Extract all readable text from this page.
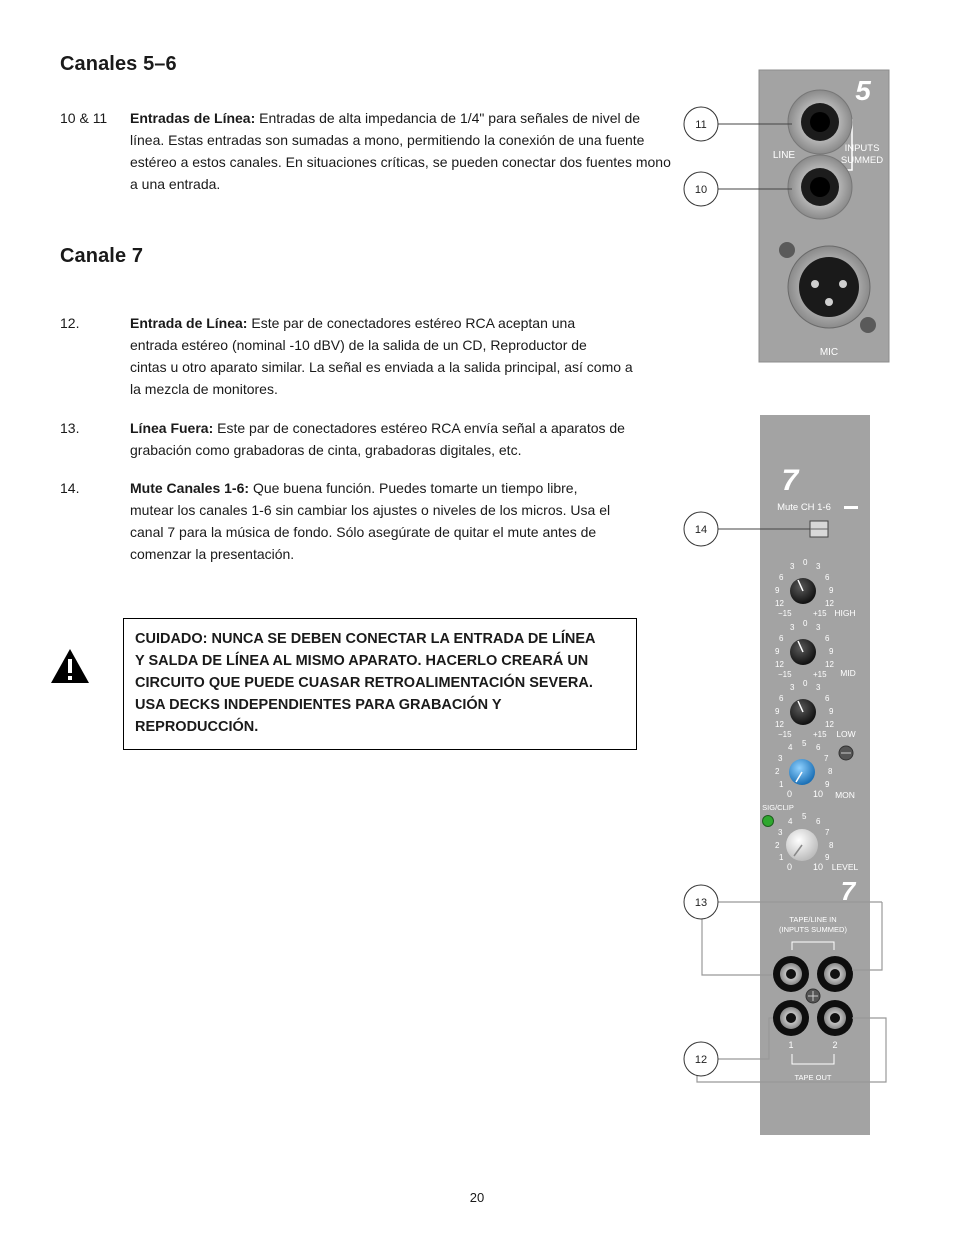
Canales 5–6
10 & 11 Entradas de Línea: Entradas de alta impedancia de 1/4" para señales de nivel de
línea. Estas entradas son sumadas a mono, permitiendo la conexión de una fuente
estéreo a estos canales. En situaciones críticas, se pueden conectar dos fuentes mono
a una entrada.
Canale 7
12.	Entrada de Línea: Este par de conectadores estéreo RCA aceptan una
entrada estéreo (nominal -10 dBV) de la salida de un CD, Reproductor de
cintas u otro aparato similar. La señal es enviada a la salida principal, así como a
la mezcla de monitores.
13.	Línea Fuera: Este par de conectadores estéreo RCA envía señal a aparatos de
grabación como grabadoras de cinta, grabadoras digitales, etc.
14.	Mute Canales 1-6: Que buena función. Puedes tomarte un tiempo libre,
mutear los canales 1-6 sin cambiar los ajustes o niveles de los micros. Usa el
canal 7 para la música de fondo. Sólo asegúrate de quitar el mute antes de
comenzar la presentación.
CUIDADO: NUNCA SE DEBEN CONECTAR LA ENTRADA DE LÍNEA
Y SALDA DE LÍNEA AL MISMO APARATO. HACERLO CREARÁ UN
CIRCUITO QUE PUEDE CUASAR RETROALIMENTACIÓN SEVERA.
USA DECKS INDEPENDIENTES PARA GRABACIÓN Y
REPRODUCCIÓN.
5
LINE
INPUTS
SUMMED
MIC
11
10
7
Mute CH 1-6
3 0 3
6	6
9	9
12	12
−15	+15 HIGH
3 0 3
6	6
9	9
12	12
−15	+15 MID
3 0 3
6	6
9	9
12	12
−15	+15 LOW
4 5 6
3	7
2	8
1	9
0 10 MON
SIG/CLIP
4
5
6
3	7
2	8
1	9
0 10 LEVEL
7
TAPE/LINE IN
(INPUTS SUMMED)
1	2
TAPE OUT
14
13
12
20
